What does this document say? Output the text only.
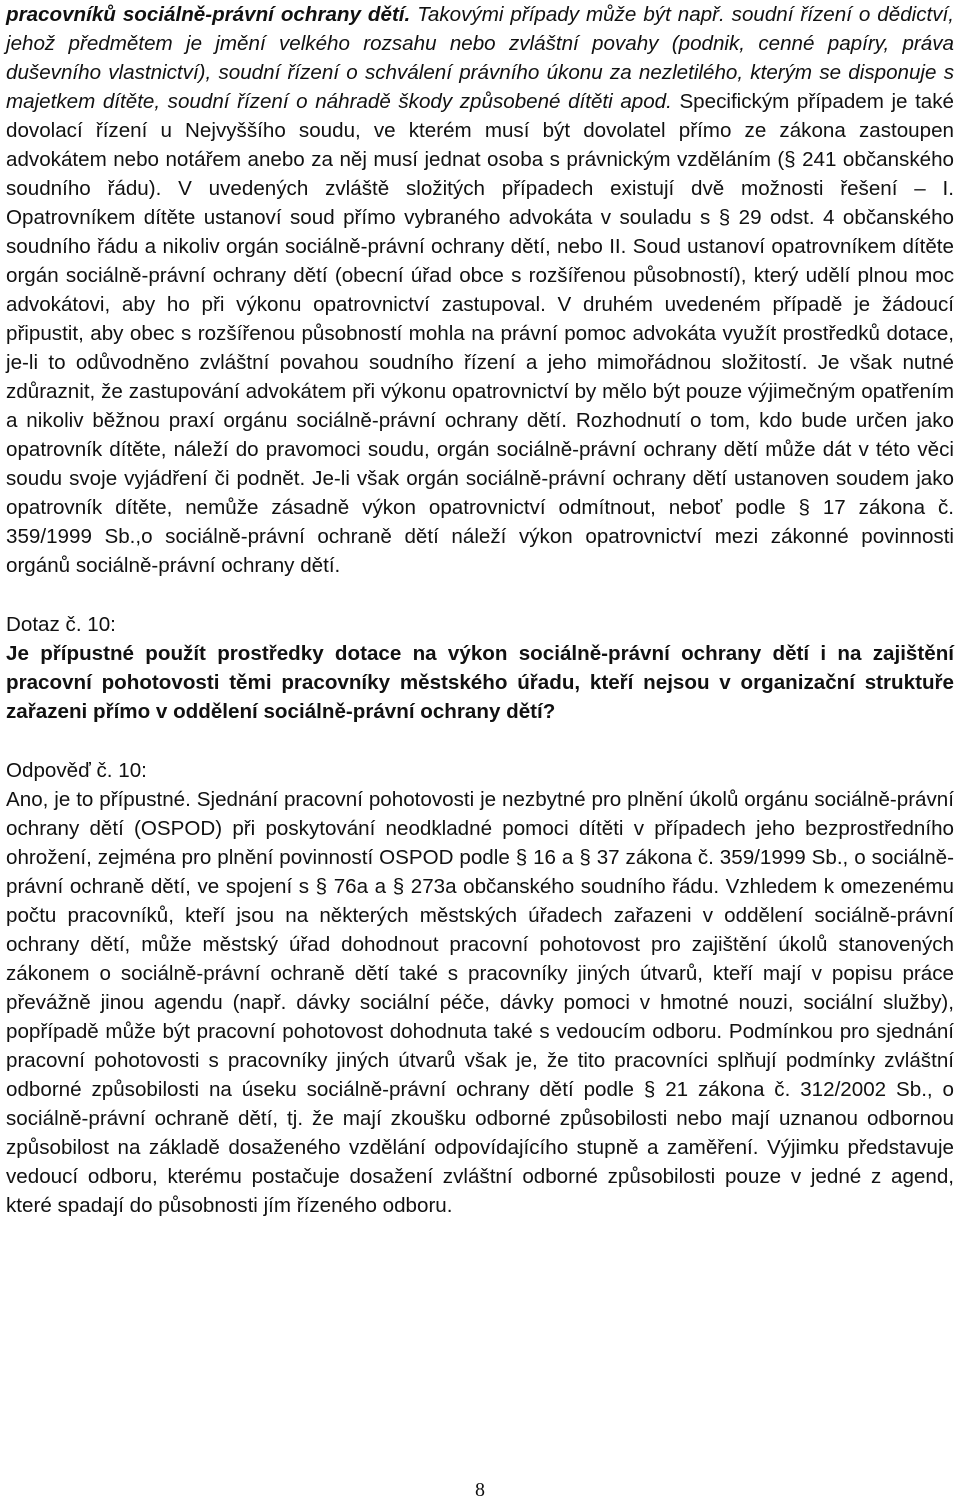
pracovníků sociálně-právní ochrany dětí. Takovými případy může být např. soudní řízení o dědictví, jehož předmětem je jmění velkého rozsahu nebo zvláštní povahy (podnik, cenné papíry, práva duševního vlastnictví), soudní řízení o schválení právního úkonu za nezletilého, kterým se disponuje s majetkem dítěte, soudní řízení o náhradě škody způsobené dítěti apod. Specifickým případem je také dovolací řízení u Nejvyššího soudu, ve kterém musí být dovolatel přímo ze zákona zastoupen advokátem nebo notářem anebo za něj musí jednat osoba s právnickým vzděláním (§ 241 občanského soudního řádu). V uvedených zvláště složitých případech existují dvě možnosti řešení – I. Opatrovníkem dítěte ustanoví soud přímo vybraného advokáta v souladu s § 29 odst. 4 občanského soudního řádu a nikoliv orgán sociálně-právní ochrany dětí, nebo II. Soud ustanoví opatrovníkem dítěte orgán sociálně-právní ochrany dětí (obecní úřad obce s rozšířenou působností), který udělí plnou moc advokátovi, aby ho při výkonu opatrovnictví zastupoval. V druhém uvedeném případě je žádoucí připustit, aby obec s rozšířenou působností mohla na právní pomoc advokáta využít prostředků dotace, je-li to odůvodněno zvláštní povahou soudního řízení a jeho mimořádnou složitostí. Je však nutné zdůraznit, že zastupování advokátem při výkonu opatrovnictví by mělo být pouze výjimečným opatřením a nikoliv běžnou praxí orgánu sociálně-právní ochrany dětí. Rozhodnutí o tom, kdo bude určen jako opatrovník dítěte, náleží do pravomoci soudu, orgán sociálně-právní ochrany dětí může dát v této věci soudu svoje vyjádření či podnět. Je-li však orgán sociálně-právní ochrany dětí ustanoven soudem jako opatrovník dítěte, nemůže zásadně výkon opatrovnictví odmítnout, neboť podle § 17 zákona č. 359/1999 Sb.,o sociálně-právní ochraně dětí náleží výkon opatrovnictví mezi zákonné povinnosti orgánů sociálně-právní ochrany dětí.

Dotaz č. 10:

Je přípustné použít prostředky dotace na výkon sociálně-právní ochrany dětí i na zajištění pracovní pohotovosti těmi pracovníky městského úřadu, kteří nejsou v organizační struktuře zařazeni přímo v oddělení sociálně-právní ochrany dětí?

Odpověď č. 10:

Ano, je to přípustné. Sjednání pracovní pohotovosti je nezbytné pro plnění úkolů orgánu sociálně-právní ochrany dětí (OSPOD) při poskytování neodkladné pomoci dítěti v případech jeho bezprostředního ohrožení, zejména pro plnění povinností OSPOD podle § 16 a § 37 zákona č. 359/1999 Sb., o sociálně-právní ochraně dětí, ve spojení s § 76a a § 273a občanského soudního řádu. Vzhledem k omezenému počtu pracovníků, kteří jsou na některých městských úřadech zařazeni v oddělení sociálně-právní ochrany dětí, může městský úřad dohodnout pracovní pohotovost pro zajištění úkolů stanovených zákonem o sociálně-právní ochraně dětí také s pracovníky jiných útvarů, kteří mají v popisu práce převážně jinou agendu (např. dávky sociální péče, dávky pomoci v hmotné nouzi, sociální služby), popřípadě může být pracovní pohotovost dohodnuta také s vedoucím odboru. Podmínkou pro sjednání pracovní pohotovosti s pracovníky jiných útvarů však je, že tito pracovníci splňují podmínky zvláštní odborné způsobilosti na úseku sociálně-právní ochrany dětí podle § 21 zákona č. 312/2002 Sb., o sociálně-právní ochraně dětí, tj. že mají zkoušku odborné způsobilosti nebo mají uznanou odbornou způsobilost na základě dosaženého vzdělání odpovídajícího stupně a zaměření. Výjimku představuje vedoucí odboru, kterému postačuje dosažení zvláštní odborné způsobilosti pouze v jedné z agend, které spadají do působnosti jím řízeného odboru.

8
